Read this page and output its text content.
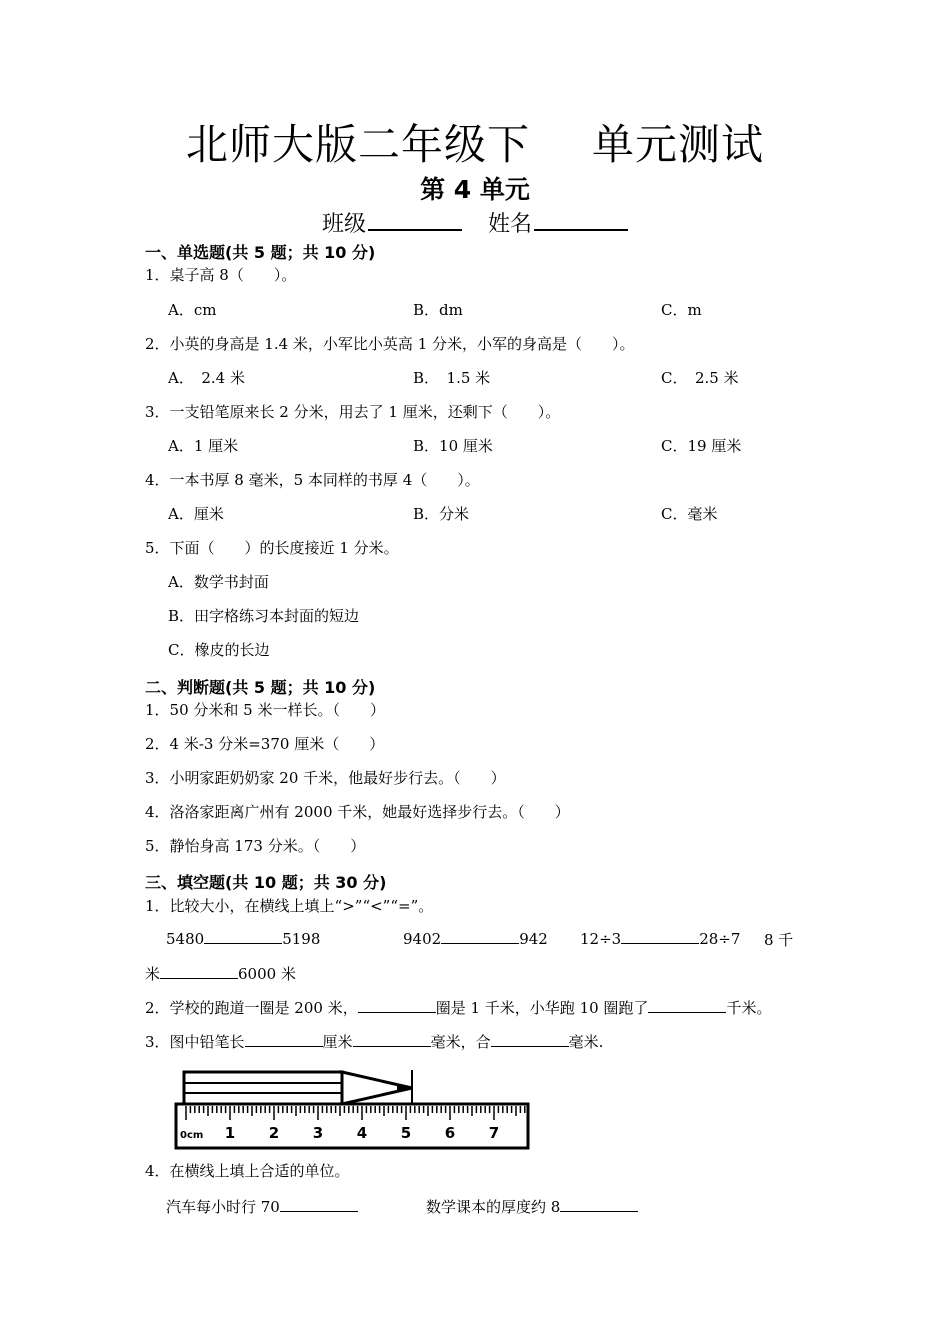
北师大版二年级下 单元测试
第 4 单元
班级	姓名
一、单选题(共 5 题；共 10 分)
1．桌子高 8（　　）。
A．cm	B．dm	C．m
2．小英的身高是 1.4 米，小军比小英高 1 分米，小军的身高是（　　）。
A．　2.4 米	B．　1.5 米	C．　2.5 米
3．一支铅笔原来长 2 分米，用去了 1 厘米，还剩下（　　）。
A．1 厘米	B．10 厘米	C．19 厘米
4．一本书厚 8 毫米，5 本同样的书厚 4（　　）。
A．厘米	B．分米	C．毫米
5．下面（　　）的长度接近 1 分米。
A．数学书封面
B．田字格练习本封面的短边
C．橡皮的长边
二、判断题(共 5 题；共 10 分)
1．50 分米和 5 米一样长。（　　）
2．4 米-3 分米=370 厘米（　　）
3．小明家距奶奶家 20 千米，他最好步行去。（　　）
4．洛洛家距离广州有 2000 千米，她最好选择步行去。（　　）
5．静怡身高 173 分米。（　　）
三、填空题(共 10 题；共 30 分)
1．比较大小，在横线上填上“>”“<”“=”。
5480	5198	9402	942 12÷3	28÷7 8 千
米	6000 米
2．学校的跑道一圈是 200 米，	圈是 1 千米，小华跑 10 圈跑了	千米。
3．图中铅笔长	厘米	毫米，合	毫米.
0cm 1 2 3 4 5 6 7
4．在横线上填上合适的单位。
汽车每小时行 70	数学课本的厚度约 8
